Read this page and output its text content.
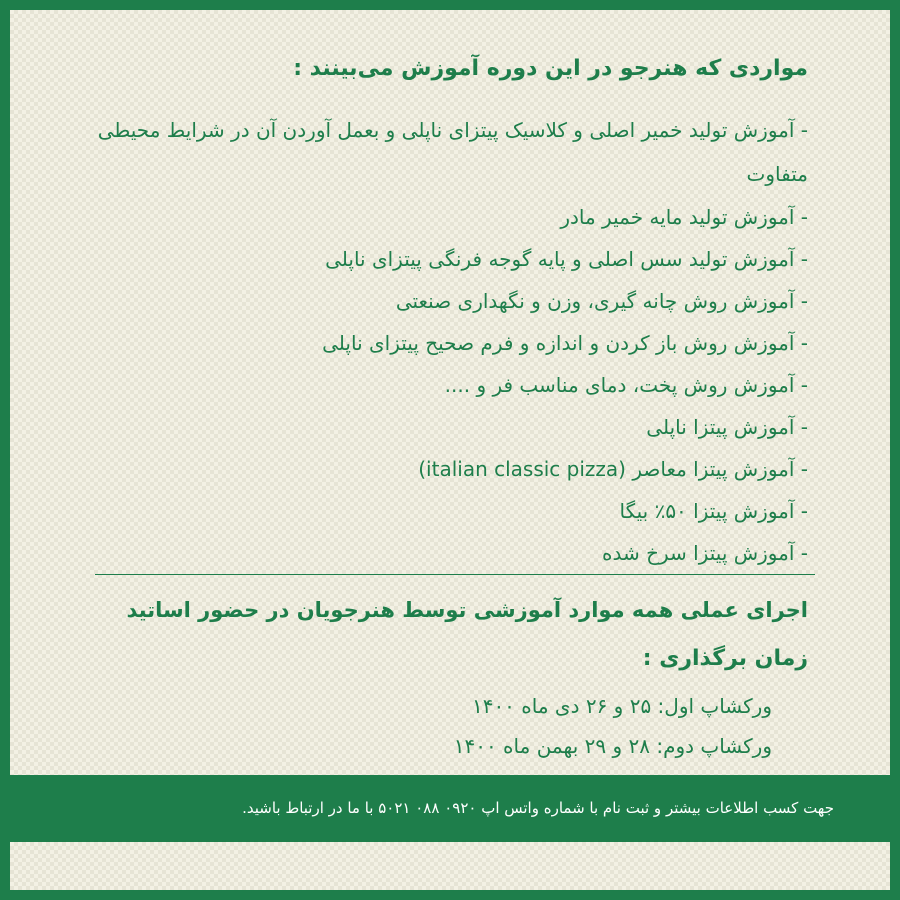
مواردی که هنرجو در این دوره آموزش می‌بینند :
- آموزش تولید خمیر اصلی و کلاسیک پیتزای ناپلی و بعمل آوردن آن در شرایط محیطی متفاوت
- آموزش تولید مایه خمیر مادر
- آموزش تولید سس اصلی و پایه گوجه فرنگی پیتزای ناپلی
- آموزش روش چانه گیری، وزن و نگهداری صنعتی
- آموزش روش باز کردن و اندازه و فرم صحیح پیتزای ناپلی
- آموزش روش پخت، دمای مناسب فر و ....
- آموزش پیتزا ناپلی
- آموزش پیتزا معاصر (italian classic pizza)
- آموزش پیتزا ۵۰٪ بیگا
- آموزش پیتزا سرخ شده
اجرای عملی همه موارد آموزشی توسط هنرجویان در حضور اساتید
زمان برگذاری :
ورکشاپ اول: ۲۵ و ۲۶ دی ماه ۱۴۰۰
ورکشاپ دوم: ۲۸ و ۲۹ بهمن ماه ۱۴۰۰
جهت کسب اطلاعات بیشتر و ثبت نام با شماره واتس اپ ۰۹۲۰ ۰۸۸ ۵۰۲۱ با ما در ارتباط باشید.
